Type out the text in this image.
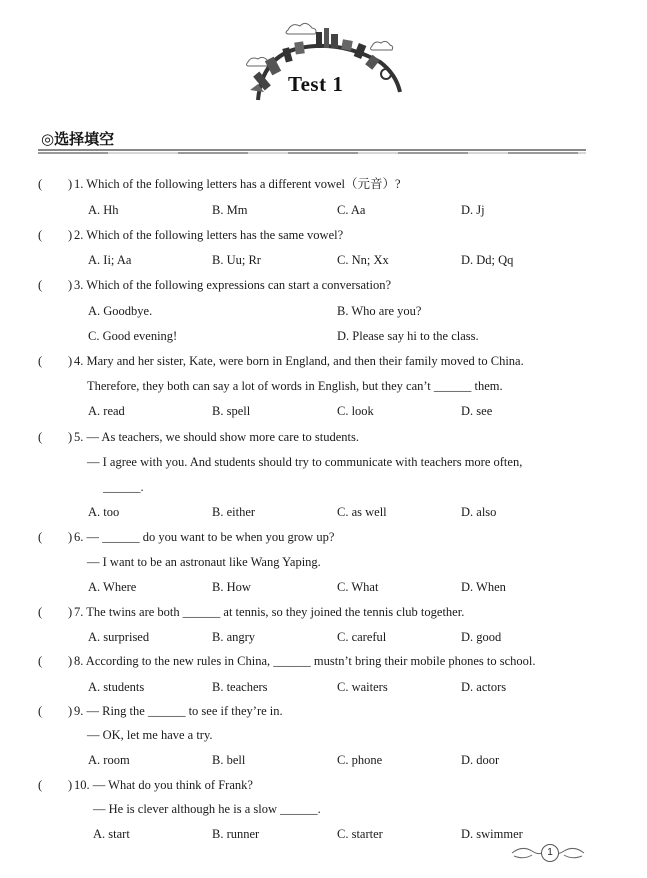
Test 1
◎选择填空
( ) 1. Which of the following letters has a different vowel（元音）?
A. Hh	B. Mm	C. Aa	D. Jj
( ) 2. Which of the following letters has the same vowel?
A. Ii; Aa	B. Uu; Rr	C. Nn; Xx	D. Dd; Qq
( ) 3. Which of the following expressions can start a conversation?
A. Goodbye.	B. Who are you?
C. Good evening!	D. Please say hi to the class.
( ) 4. Mary and her sister, Kate, were born in England, and then their family moved to China.
Therefore, they both can say a lot of words in English, but they can’t ______ them.
A. read	B. spell	C. look	D. see
( ) 5. — As teachers, we should show more care to students.
— I agree with you. And students should try to communicate with teachers more often,
______.
A. too	B. either	C. as well	D. also
( ) 6. — ______ do you want to be when you grow up?
— I want to be an astronaut like Wang Yaping.
A. Where	B. How	C. What	D. When
( ) 7. The twins are both ______ at tennis, so they joined the tennis club together.
A. surprised	B. angry	C. careful	D. good
( ) 8. According to the new rules in China, ______ mustn’t bring their mobile phones to school.
A. students	B. teachers	C. waiters	D. actors
( ) 9. — Ring the ______ to see if they’re in.
— OK, let me have a try.
A. room	B. bell	C. phone	D. door
( ) 10. — What do you think of Frank?
— He is clever although he is a slow ______.
A. start	B. runner	C. starter	D. swimmer
1
